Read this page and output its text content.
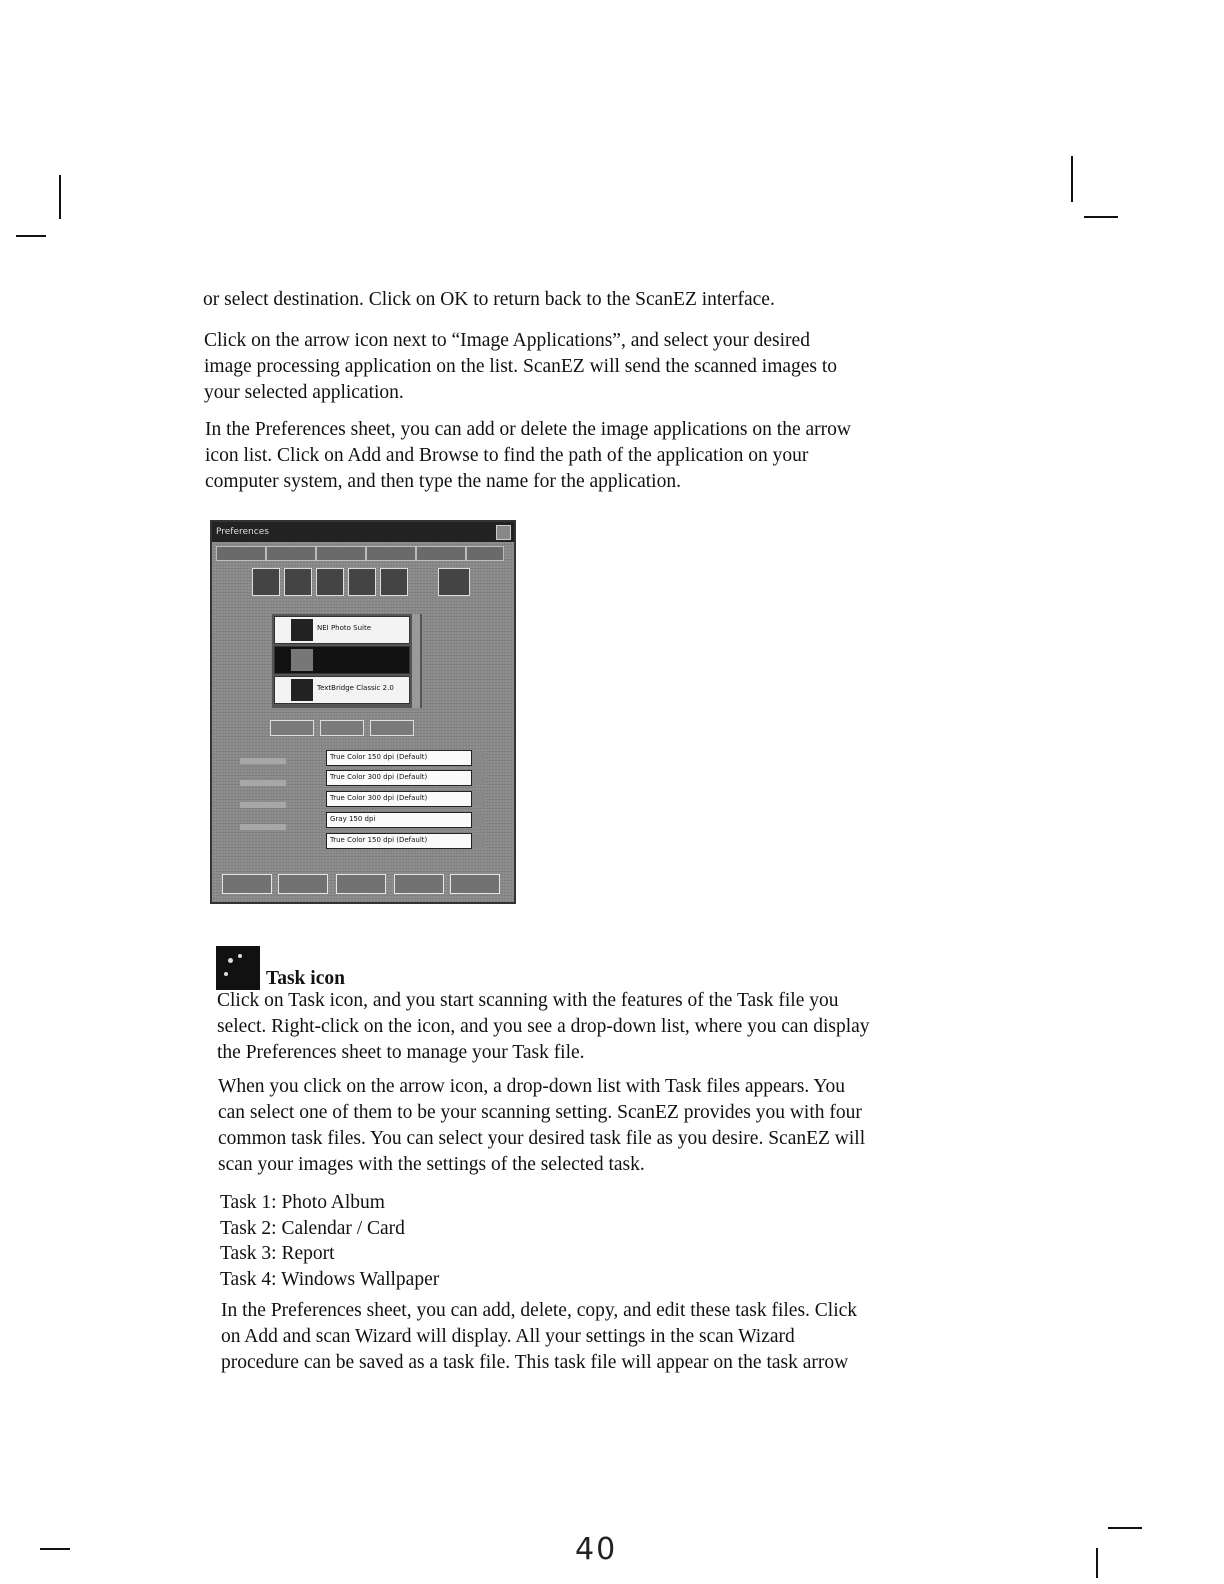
or select destination. Click on OK to return back to the ScanEZ interface.
Click on the arrow icon next to “Image Applications”, and select your desired
image processing application on the list. ScanEZ will send the scanned images to
your selected application.
In the Preferences sheet, you can add or delete the image applications on the arrow
icon list. Click on Add and Browse to find the path of the application on your
computer system, and then type the name for the application.
Preferences
NEI Photo Suite
TextBridge Classic 2.0
True Color 150 dpi (Default)
True Color 300 dpi (Default)
True Color 300 dpi (Default)
Gray 150 dpi
True Color 150 dpi (Default)
Task icon
Click on Task icon, and you start scanning with the features of the Task file you
select. Right-click on the icon, and you see a drop-down list, where you can display
the Preferences sheet to manage your Task file.
When you click on the arrow icon, a drop-down list with Task files appears. You
can select one of them to be your scanning setting. ScanEZ provides you with four
common task files. You can select your desired task file as you desire. ScanEZ will
scan your images with the settings of the selected task.
Task 1: Photo Album
Task 2: Calendar / Card
Task 3: Report
Task 4: Windows Wallpaper
In the Preferences sheet, you can add, delete, copy, and edit these task files. Click
on Add and scan Wizard will display. All your settings in the scan Wizard
procedure can be saved as a task file. This task file will appear on the task arrow
40
